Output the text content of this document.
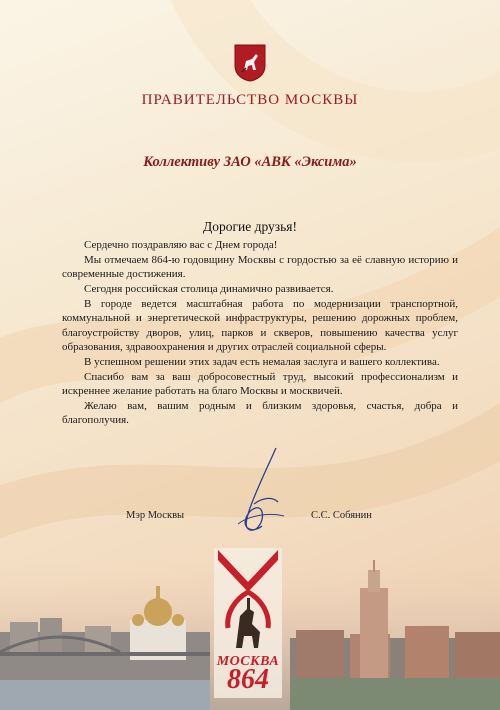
ПРАВИТЕЛЬСТВО МОСКВЫ
Коллективу ЗАО «АВК «Эксима»
Дорогие друзья!

Сердечно поздравляю вас с Днем города!

Мы отмечаем 864-ю годовщину Москвы с гордостью за её славную историю и современные достижения.

Сегодня российская столица динамично развивается.

В городе ведется масштабная работа по модернизации транспортной, коммунальной и энергетической инфраструктуры, решению дорожных проблем, благоустройству дворов, улиц, парков и скверов, повышению качества услуг образования, здравоохранения и других отраслей социальной сферы.

В успешном решении этих задач есть немалая заслуга и вашего коллектива.

Спасибо вам за ваш добросовестный труд, высокий профессионализм и искреннее желание работать на благо Москвы и москвичей.

Желаю вам, вашим родным и близким здоровья, счастья, добра и благополучия.

Мэр Москвы	С.С. Собянин
МОСКВА
864
